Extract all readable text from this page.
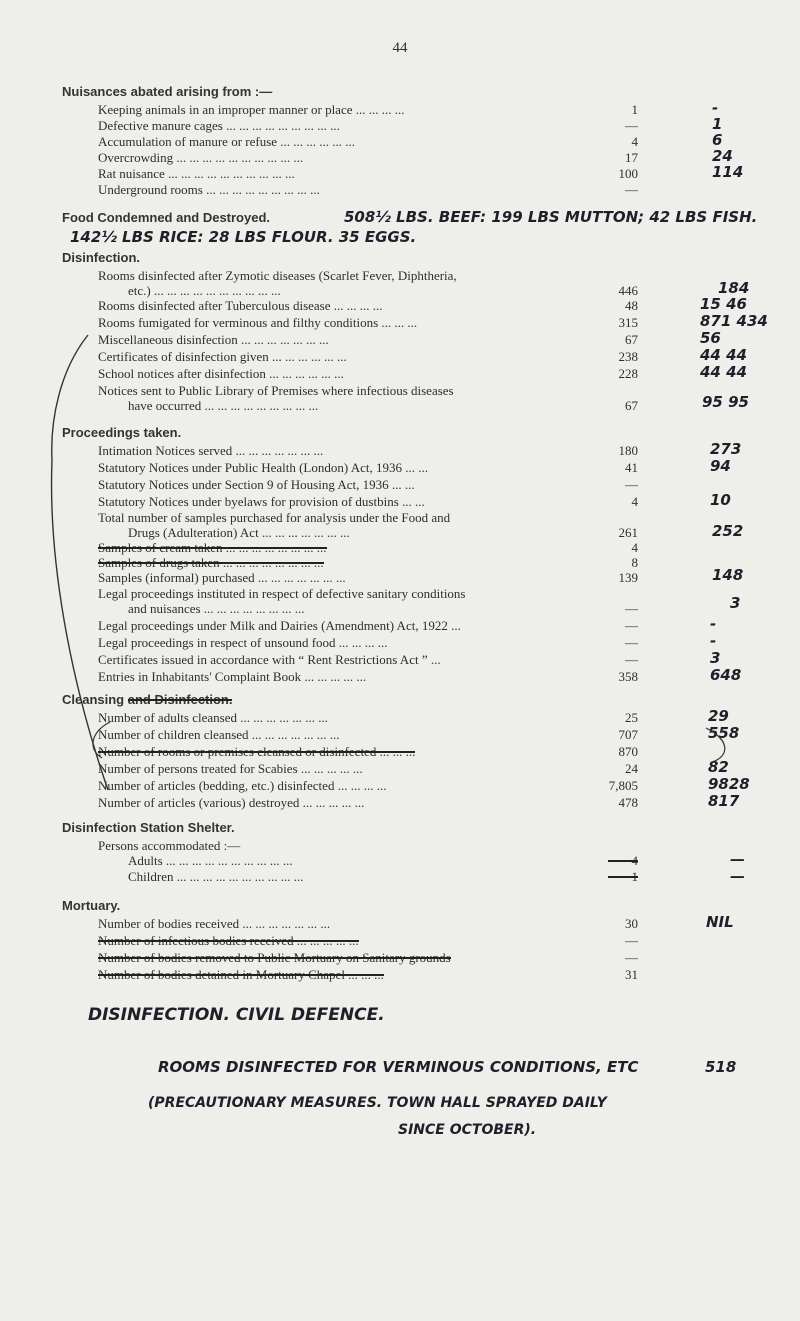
44
Nuisances abated arising from :—
Keeping animals in an improper manner or place ... ... ... ...	1	-
Defective manure cages ... ... ... ... ... ... ... ... ...	—	1
Accumulation of manure or refuse ... ... ... ... ... ...	4	6
Overcrowding ... ... ... ... ... ... ... ... ... ...	17	24
Rat nuisance ... ... ... ... ... ... ... ... ... ...	100	114
Underground rooms ... ... ... ... ... ... ... ... ...	—
Food Condemned and Destroyed.	508½ LBS. BEEF: 199 LBS MUTTON; 42 LBS FISH.
142½ LBS RICE: 28 LBS FLOUR. 35 EGGS.
Disinfection.
Rooms disinfected after Zymotic diseases (Scarlet Fever, Diphtheria,
etc.) ... ... ... ... ... ... ... ... ... ...	446	184
Rooms disinfected after Tuberculous disease ... ... ... ...	48	15 46
Rooms fumigated for verminous and filthy conditions ... ... ...	315	871 434
Miscellaneous disinfection ... ... ... ... ... ... ...	67	56
Certificates of disinfection given ... ... ... ... ... ...	238	44 44
School notices after disinfection ... ... ... ... ... ...	228	44 44
Notices sent to Public Library of Premises where infectious diseases
have occurred ... ... ... ... ... ... ... ... ...	67	95 95
Proceedings taken.
Intimation Notices served ... ... ... ... ... ... ...	180	273
Statutory Notices under Public Health (London) Act, 1936 ... ...	41	94
Statutory Notices under Section 9 of Housing Act, 1936 ... ...	—
Statutory Notices under byelaws for provision of dustbins ... ...	4	10
Total number of samples purchased for analysis under the Food and
Drugs (Adulteration) Act ... ... ... ... ... ... ...	261	252
Samples of cream taken ... ... ... ... ... ... ... ...	4
Samples of drugs taken ... ... ... ... ... ... ... ...	8
Samples (informal) purchased ... ... ... ... ... ... ...	139	148
Legal proceedings instituted in respect of defective sanitary conditions
and nuisances ... ... ... ... ... ... ... ...	—	3
Legal proceedings under Milk and Dairies (Amendment) Act, 1922 ...	—	-
Legal proceedings in respect of unsound food ... ... ... ...	—	-
Certificates issued in accordance with “ Rent Restrictions Act ” ...	—	3
Entries in Inhabitants' Complaint Book ... ... ... ... ...	358	648
Cleansing and Disinfection.
Number of adults cleansed ... ... ... ... ... ... ...	25	29
Number of children cleansed ... ... ... ... ... ... ...	707	558
Number of rooms or premises cleansed or disinfected ... ... ...	870
Number of persons treated for Scabies ... ... ... ... ...	24	82
Number of articles (bedding, etc.) disinfected ... ... ... ...	7,805	9828
Number of articles (various) destroyed ... ... ... ... ...	478	817
Disinfection Station Shelter.
Persons accommodated :—
Adults ... ... ... ... ... ... ... ... ... ...	4	—
Children ... ... ... ... ... ... ... ... ... ...	1	—
Mortuary.
Number of bodies received ... ... ... ... ... ... ...	30	NIL
Number of infectious bodies received ... ... ... ... ...	—
Number of bodies removed to Public Mortuary on Sanitary grounds	—
Number of bodies detained in Mortuary Chapel ... ... ...	31
DISINFECTION. CIVIL DEFENCE.
ROOMS DISINFECTED FOR VERMINOUS CONDITIONS, ETC	518
(PRECAUTIONARY MEASURES. TOWN HALL SPRAYED DAILY
SINCE OCTOBER).
